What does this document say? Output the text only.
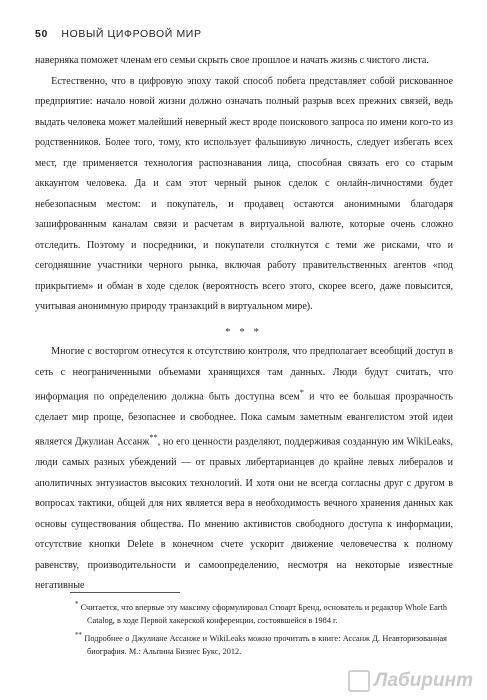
50 НОВЫЙ ЦИФРОВОЙ МИР

наверняка поможет членам его семьи скрыть свое прошлое и начать жизнь с чистого листа.

Естественно, что в цифровую эпоху такой способ побега представляет собой рискованное предприятие: начало новой жизни должно означать полный разрыв всех прежних связей, ведь выдать человека может малейший неверный жест вроде поискового запроса по имени кого-то из родственников. Более того, тому, кто использует фальшивую личность, следует избегать всех мест, где применяется технология распознавания лица, способная связать его со старым аккаунтом человека. Да и сам этот черный рынок сделок с онлайн-личностями будет небезопасным местом: и покупатель, и продавец остаются анонимными благодаря зашифрованным каналам связи и расчетам в виртуальной валюте, которые очень сложно отследить. Поэтому и посредники, и покупатели столкнутся с теми же рисками, что и сегодняшние участники черного рынка, включая работу правительственных агентов «под прикрытием» и обман в ходе сделок (вероятность всего этого, скорее всего, даже повысится, учитывая анонимную природу транзакций в виртуальном мире).

* * *

Многие с восторгом отнесутся к отсутствию контроля, что предполагает всеобщий доступ в сеть с неограниченными объемами хранящихся там данных. Люди будут считать, что информация по определению должна быть доступна всем* и что ее большая прозрачность сделает мир проще, безопаснее и свободнее. Пока самым заметным евангелистом этой идеи является Джулиан Ассанж**, но его ценности разделяют, поддерживая созданную им WikiLeaks, люди самых разных убеждений — от правых либертарианцев до крайне левых либералов и аполитичных энтузиастов высоких технологий. И хотя они не всегда согласны друг с другом в вопросах тактики, общей для них является вера в необходимость вечного хранения данных как основы существования общества. По мнению активистов свободного доступа к информации, отсутствие кнопки Delete в конечном счете ускорит движение человечества к полному равенству, производительности и самоопределению, несмотря на некоторые известные негативные

* Считается, что впервые эту максиму сформулировал Стюарт Бренд, основатель и редактор Whole Earth Catalog, в ходе Первой хакерской конференции, состоявшейся в 1984 г.

** Подробнее о Джулиане Ассанже и WikiLeaks можно прочитать в книге: Ассанж Д. Неавторизованная биография. М.: Альпина Бизнес Букс, 2012.

Лабиринт
